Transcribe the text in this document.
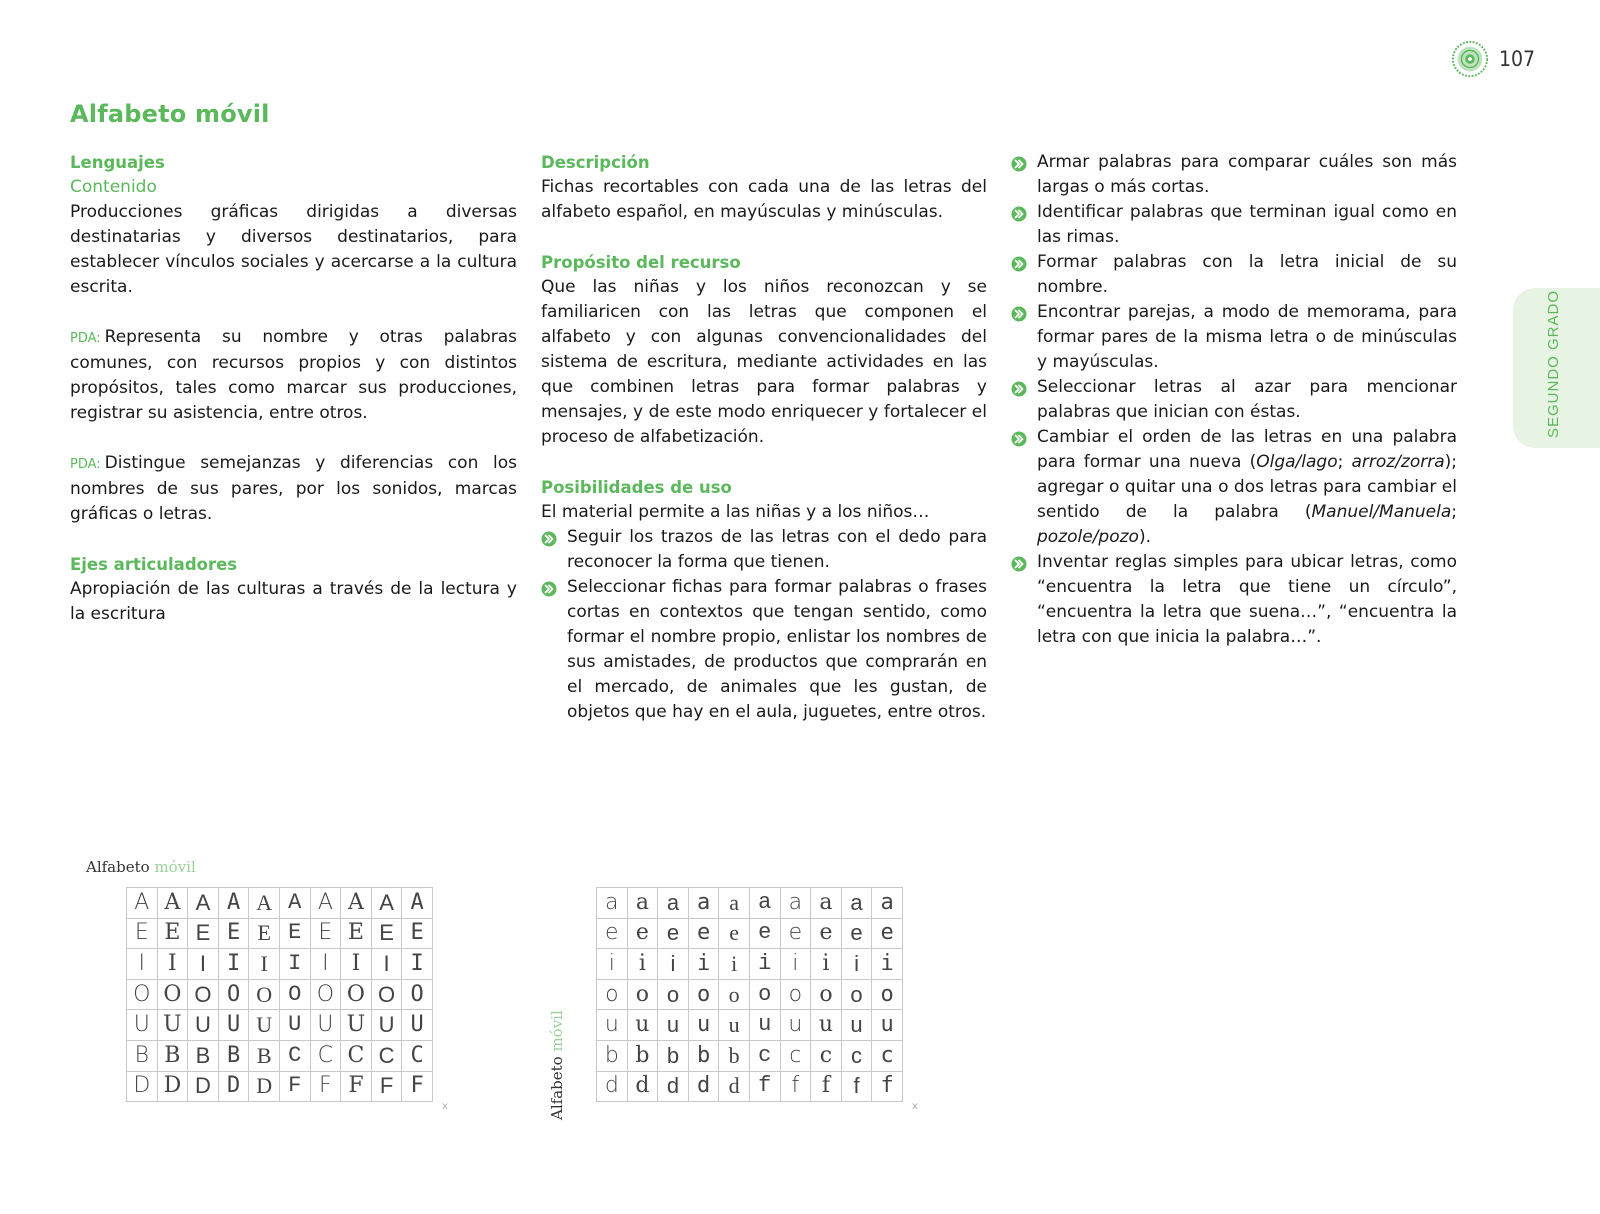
107
SEGUNDO GRADO
Alfabeto móvil

Lenguajes

Contenido

Producciones gráficas dirigidas a diversas destinatarias y diversos destinatarios, para establecer vínculos sociales y acercarse a la cultura escrita.

PDA: Representa su nombre y otras palabras comunes, con recursos propios y con distintos propósitos, tales como marcar sus producciones, registrar su asistencia, entre otros.

PDA: Distingue semejanzas y diferencias con los nombres de sus pares, por los sonidos, marcas gráficas o letras.

Ejes articuladores

Apropiación de las culturas a través de la lectura y la escritura

Descripción

Fichas recortables con cada una de las letras del alfabeto español, en mayúsculas y minúsculas.

Propósito del recurso

Que las niñas y los niños reconozcan y se familiaricen con las letras que componen el alfabeto y con algunas convencionalidades del sistema de escritura, mediante actividades en las que combinen letras para formar palabras y mensajes, y de este modo enriquecer y fortalecer el proceso de alfabetización.

Posibilidades de uso

El material permite a las niñas y a los niños…

Seguir los trazos de las letras con el dedo para reconocer la forma que tienen.
Seleccionar fichas para formar palabras o frases cortas en contextos que tengan sentido, como formar el nombre propio, enlistar los nombres de sus amistades, de productos que comprarán en el mercado, de animales que les gustan, de objetos que hay en el aula, juguetes, entre otros.
Armar palabras para comparar cuáles son más largas o más cortas.
Identificar palabras que terminan igual como en las rimas.
Formar palabras con la letra inicial de su nombre.
Encontrar parejas, a modo de memorama, para formar pares de la misma letra o de minúsculas y mayúsculas.
Seleccionar letras al azar para mencionar palabras que inician con éstas.
Cambiar el orden de las letras en una palabra para formar una nueva (Olga/lago; arroz/zorra); agregar o quitar una o dos letras para cambiar el sentido de la palabra (Manuel/Manuela; pozole/pozo).
Inventar reglas simples para ubicar letras, como “encuentra la letra que tiene un círculo”, “encuentra la letra que suena…”, “encuentra la letra con que inicia la palabra…”.
Alfabeto móvil
A	A	A	A	A	A	A	A	A	A
E	E	E	E	E	E	E	E	E	E
I	I	I	I	I	I	I	I	I	I
O	O	O	O	O	O	O	O	O	O
U	U	U	U	U	U	U	U	U	U
B	B	B	B	B	C	C	C	C	C
D	D	D	D	D	F	F	F	F	F
x	Alfabeto móvil
a	a	a	a	a	a	a	a	a	a
e	e	e	e	e	e	e	e	e	e
i	i	i	i	i	i	i	i	i	i
o	o	o	o	o	o	o	o	o	o
u	u	u	u	u	u	u	u	u	u
b	b	b	b	b	c	c	c	c	c
d	d	d	d	d	f	f	f	f	f
x
